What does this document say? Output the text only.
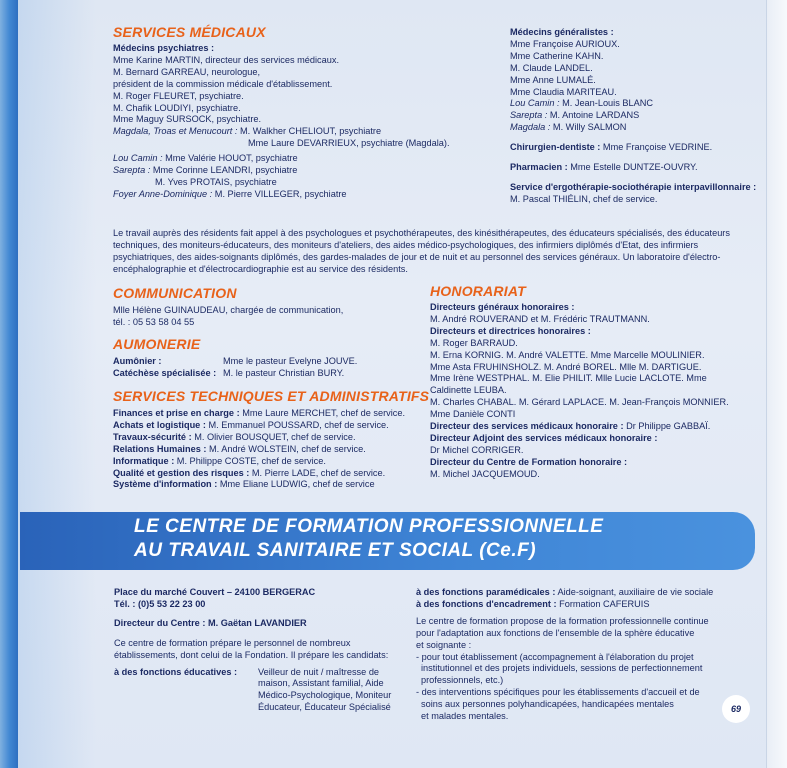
SERVICES MÉDICAUX
Médecins psychiatres :
Mme Karine MARTIN, directeur des services médicaux.
M. Bernard GARREAU, neurologue,
président de la commission médicale d'établissement.
M. Roger FLEURET, psychiatre.
M. Chafik LOUDIYI, psychiatre.
Mme Maguy SURSOCK, psychiatre.
Magdala, Troas et Menucourt : M. Walkher CHELIOUT, psychiatre
Mme Laure DEVARRIEUX, psychiatre (Magdala).
Lou Camin : Mme Valérie HOUOT, psychiatre
Sarepta : Mme Corinne LEANDRI, psychiatre
M. Yves PROTAIS, psychiatre
Foyer Anne-Dominique : M. Pierre VILLEGER, psychiatre
Médecins généralistes :
Mme Françoise AURIOUX.
Mme Catherine KAHN.
M. Claude LANDEL.
Mme Anne LUMALÉ.
Mme Claudia MARITEAU.
Lou Camin : M. Jean-Louis BLANC
Sarepta : M. Antoine LARDANS
Magdala : M. Willy SALMON
Chirurgien-dentiste : Mme Françoise VEDRINE.
Pharmacien : Mme Estelle DUNTZE-OUVRY.
Service d'ergothérapie-sociothérapie interpavillonnaire :
M. Pascal THIÉLIN, chef de service.
Le travail auprès des résidents fait appel à des psychologues et psychothérapeutes, des kinésithérapeutes, des éducateurs spécialisés, des éducateurs
techniques, des moniteurs-éducateurs, des moniteurs d'ateliers, des aides médico-psychologiques, des infirmiers diplômés d'Etat, des infirmiers
psychiatriques, des aides-soignants diplômés, des gardes-malades de jour et de nuit et au personnel des services généraux. Un laboratoire d'électro-
encéphalographie et d'électrocardiographie est au service des résidents.
COMMUNICATION
Mlle Hélène GUINAUDEAU, chargée de communication,
tél. : 05 53 58 04 55
AUMONERIE
Aumônier :	Mme le pasteur Evelyne JOUVE.
Catéchèse spécialisée : M. le pasteur Christian BURY.
SERVICES TECHNIQUES ET ADMINISTRATIFS
Finances et prise en charge : Mme Laure MERCHET, chef de service.
Achats et logistique : M. Emmanuel POUSSARD, chef de service.
Travaux-sécurité : M. Olivier BOUSQUET, chef de service.
Relations Humaines : M. André WOLSTEIN, chef de service.
Informatique : M. Philippe COSTE, chef de service.
Qualité et gestion des risques : M. Pierre LADE, chef de service.
Système d'information : Mme Eliane LUDWIG, chef de service
HONORARIAT
Directeurs généraux honoraires :
M. André ROUVERAND et M. Frédéric TRAUTMANN.
Directeurs et directrices honoraires :
M. Roger BARRAUD.
M. Erna KORNIG. M. André VALETTE. Mme Marcelle MOULINIER.
Mme Asta FRUHINSHOLZ. M. André BOREL. Mlle M. DARTIGUE.
Mme Irène WESTPHAL. M. Elie PHILIT. Mlle Lucie LACLOTE. Mme
Caldinette LEUBA.
M. Charles CHABAL. M. Gérard LAPLACE. M. Jean-François MONNIER.
Mme Danièle CONTI
Directeur des services médicaux honoraire : Dr Philippe GABBAÏ.
Directeur Adjoint des services médicaux honoraire :
Dr Michel CORRIGER.
Directeur du Centre de Formation honoraire :
M. Michel JACQUEMOUD.
LE CENTRE DE FORMATION PROFESSIONNELLE
AU TRAVAIL SANITAIRE ET SOCIAL (Ce.F)
Place du marché Couvert – 24100 BERGERAC
Tél. : (0)5 53 22 23 00
Directeur du Centre : M. Gaëtan LAVANDIER
Ce centre de formation prépare le personnel de nombreux
établissements, dont celui de la Fondation. Il prépare les candidats:
à des fonctions éducatives : Veilleur de nuit / maîtresse de
maison, Assistant familial, Aide
Médico-Psychologique, Moniteur
Éducateur, Éducateur Spécialisé
à des fonctions paramédicales : Aide-soignant, auxiliaire de vie sociale
à des fonctions d'encadrement : Formation CAFERUIS
Le centre de formation propose de la formation professionnelle continue
pour l'adaptation aux fonctions de l'ensemble de la sphère éducative
et soignante :
- pour tout établissement (accompagnement à l'élaboration du projet
institutionnel et des projets individuels, sessions de perfectionnement
professionnels, etc.)
- des interventions spécifiques pour les établissements d'accueil et de
soins aux personnes polyhandicapées, handicapées mentales
et malades mentales.
69
